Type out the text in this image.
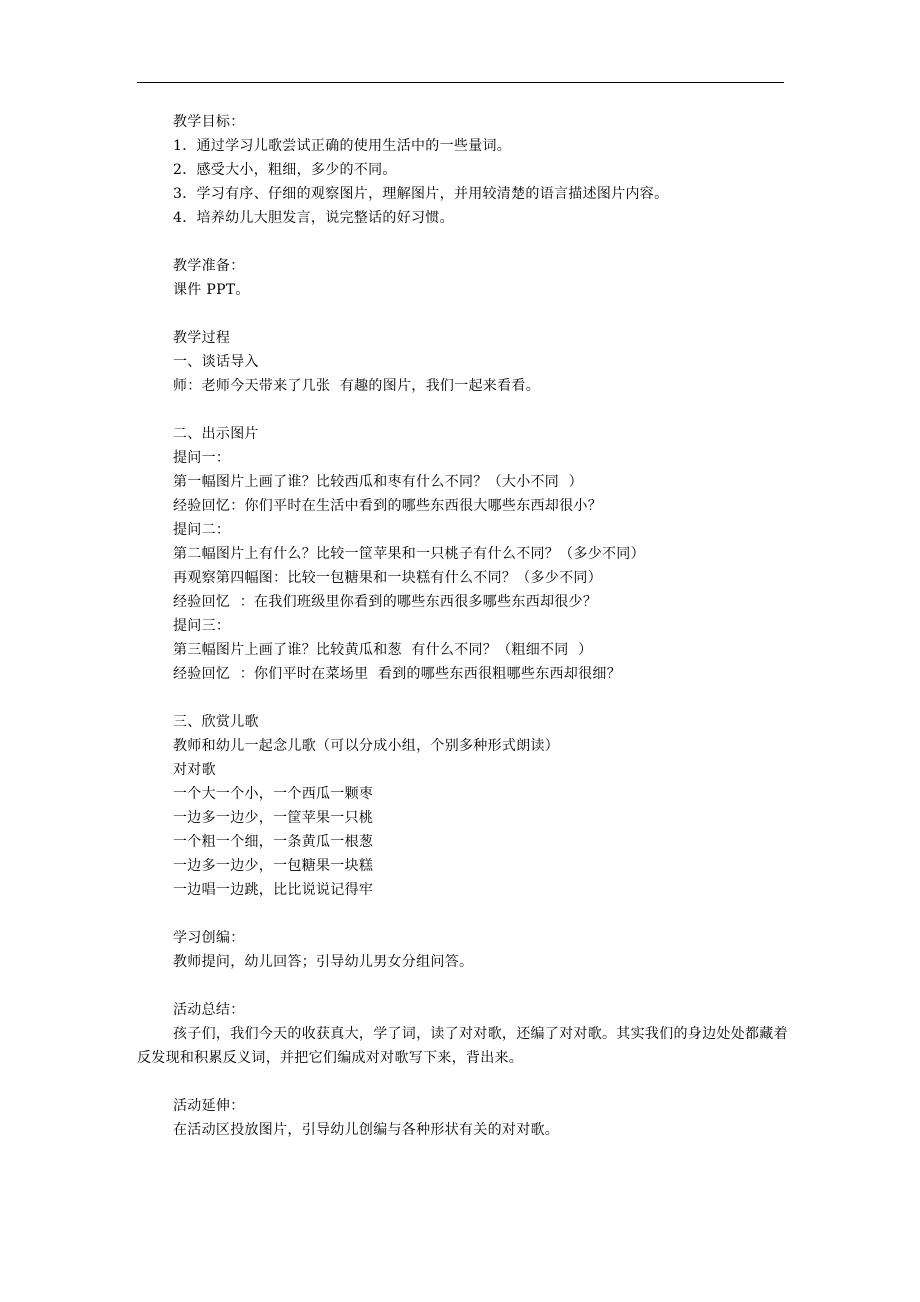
教学目标：
1．通过学习儿歌尝试正确的使用生活中的一些量词。
2．感受大小，粗细，多少的不同。
3．学习有序、仔细的观察图片，理解图片，并用较清楚的语言描述图片内容。
4．培养幼儿大胆发言，说完整话的好习惯。
教学准备：
课件 PPT。
教学过程
一、谈话导入
师：老师今天带来了几张  有趣的图片，我们一起来看看。
二、出示图片
提问一：
第一幅图片上画了谁？比较西瓜和枣有什么不同？（大小不同  ）
经验回忆：你们平时在生活中看到的哪些东西很大哪些东西却很小？
提问二：
第二幅图片上有什么？比较一筐苹果和一只桃子有什么不同？（多少不同）
再观察第四幅图：比较一包糖果和一块糕有什么不同？（多少不同）
经验回忆  ：在我们班级里你看到的哪些东西很多哪些东西却很少？
提问三：
第三幅图片上画了谁？比较黄瓜和葱  有什么不同？（粗细不同  ）
经验回忆  ：你们平时在菜场里  看到的哪些东西很粗哪些东西却很细？
三、欣赏儿歌
教师和幼儿一起念儿歌（可以分成小组，个别多种形式朗读）
对对歌
一个大一个小，一个西瓜一颗枣
一边多一边少，一筐苹果一只桃
一个粗一个细，一条黄瓜一根葱
一边多一边少，一包糖果一块糕
一边唱一边跳，比比说说记得牢
学习创编：
教师提问，幼儿回答；引导幼儿男女分组问答。
活动总结：
孩子们，我们今天的收获真大，学了词，读了对对歌，还编了对对歌。其实我们的身边处处都藏着反发现和积累反义词，并把它们编成对对歌写下来，背出来。
活动延伸：
在活动区投放图片，引导幼儿创编与各种形状有关的对对歌。
